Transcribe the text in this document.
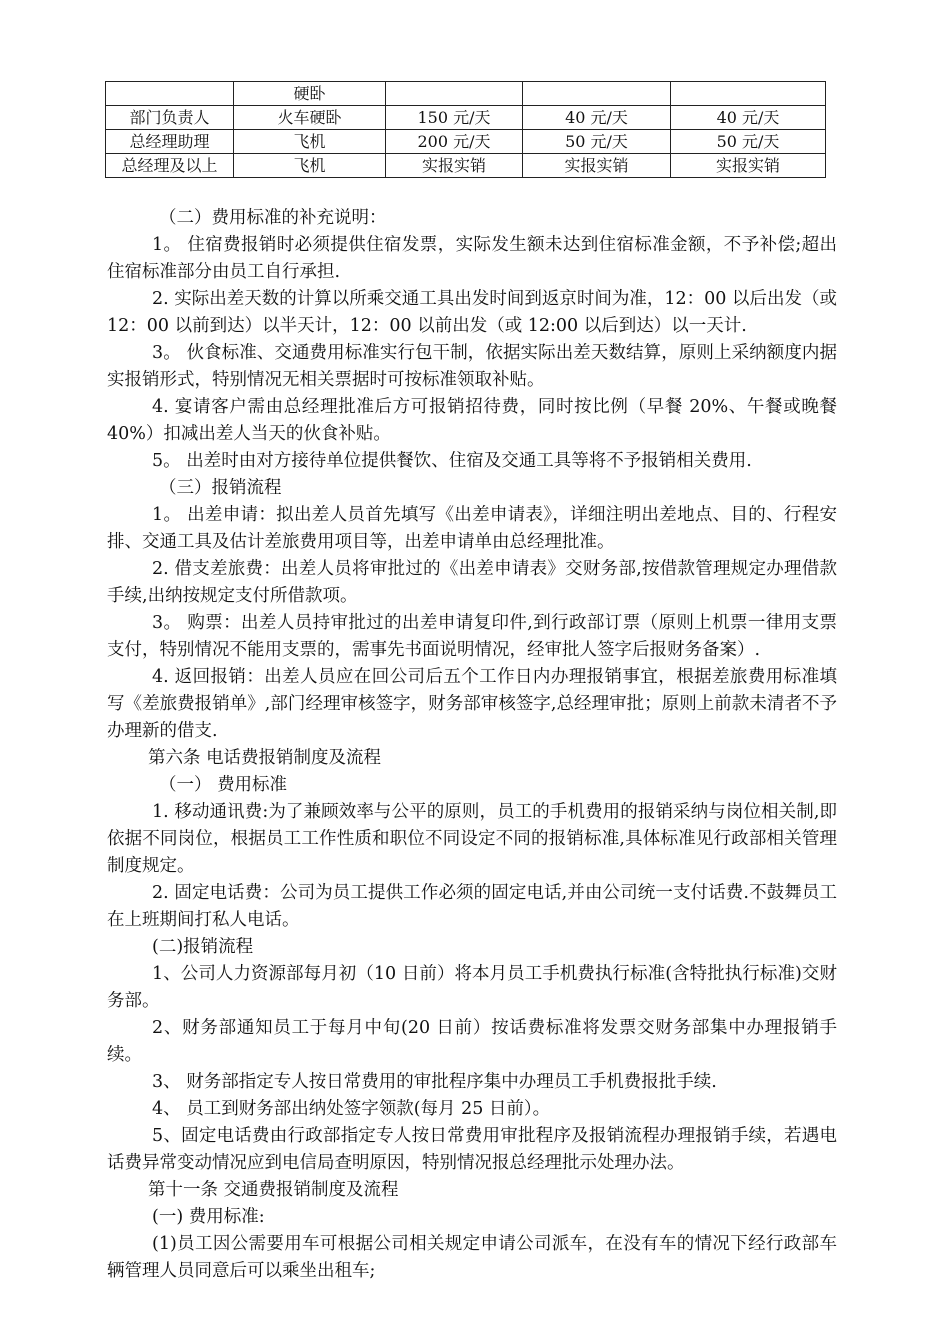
	硬卧			
部门负责人	火车硬卧	150 元/天	40 元/天	40 元/天
总经理助理	飞机	200 元/天	50 元/天	50 元/天
总经理及以上	飞机	实报实销	实报实销	实报实销

（二）费用标准的补充说明：

1。 住宿费报销时必须提供住宿发票，实际发生额未达到住宿标准金额，不予补偿;超出住宿标准部分由员工自行承担.

2. 实际出差天数的计算以所乘交通工具出发时间到返京时间为准，12：00 以后出发（或 12：00 以前到达）以半天计，12：00 以前出发（或 12:00 以后到达）以一天计.

3。 伙食标准、交通费用标准实行包干制，依据实际出差天数结算，原则上采纳额度内据实报销形式，特别情况无相关票据时可按标准领取补贴。

4. 宴请客户需由总经理批准后方可报销招待费，同时按比例（早餐 20%、午餐或晚餐 40%）扣减出差人当天的伙食补贴。

5。 出差时由对方接待单位提供餐饮、住宿及交通工具等将不予报销相关费用.

（三）报销流程

1。 出差申请：拟出差人员首先填写《出差申请表》，详细注明出差地点、目的、行程安排、交通工具及估计差旅费用项目等，出差申请单由总经理批准。

2. 借支差旅费：出差人员将审批过的《出差申请表》交财务部,按借款管理规定办理借款手续,出纳按规定支付所借款项。

3。 购票：出差人员持审批过的出差申请复印件,到行政部订票（原则上机票一律用支票支付，特别情况不能用支票的，需事先书面说明情况，经审批人签字后报财务备案）.

4. 返回报销：出差人员应在回公司后五个工作日内办理报销事宜，根据差旅费用标准填写《差旅费报销单》,部门经理审核签字，财务部审核签字,总经理审批；原则上前款未清者不予办理新的借支.

第六条 电话费报销制度及流程

（一） 费用标准

1. 移动通讯费:为了兼顾效率与公平的原则，员工的手机费用的报销采纳与岗位相关制,即依据不同岗位，根据员工工作性质和职位不同设定不同的报销标准,具体标准见行政部相关管理制度规定。

2. 固定电话费：公司为员工提供工作必须的固定电话,并由公司统一支付话费.不鼓舞员工在上班期间打私人电话。

(二)报销流程

1、公司人力资源部每月初（10 日前）将本月员工手机费执行标准(含特批执行标准)交财务部。

2、财务部通知员工于每月中旬(20 日前）按话费标准将发票交财务部集中办理报销手续。

3、 财务部指定专人按日常费用的审批程序集中办理员工手机费报批手续.

4、 员工到财务部出纳处签字领款(每月 25 日前）。

5、固定电话费由行政部指定专人按日常费用审批程序及报销流程办理报销手续，若遇电话费异常变动情况应到电信局查明原因，特别情况报总经理批示处理办法。

第十一条 交通费报销制度及流程

(一) 费用标准:

(1)员工因公需要用车可根据公司相关规定申请公司派车，在没有车的情况下经行政部车辆管理人员同意后可以乘坐出租车;
